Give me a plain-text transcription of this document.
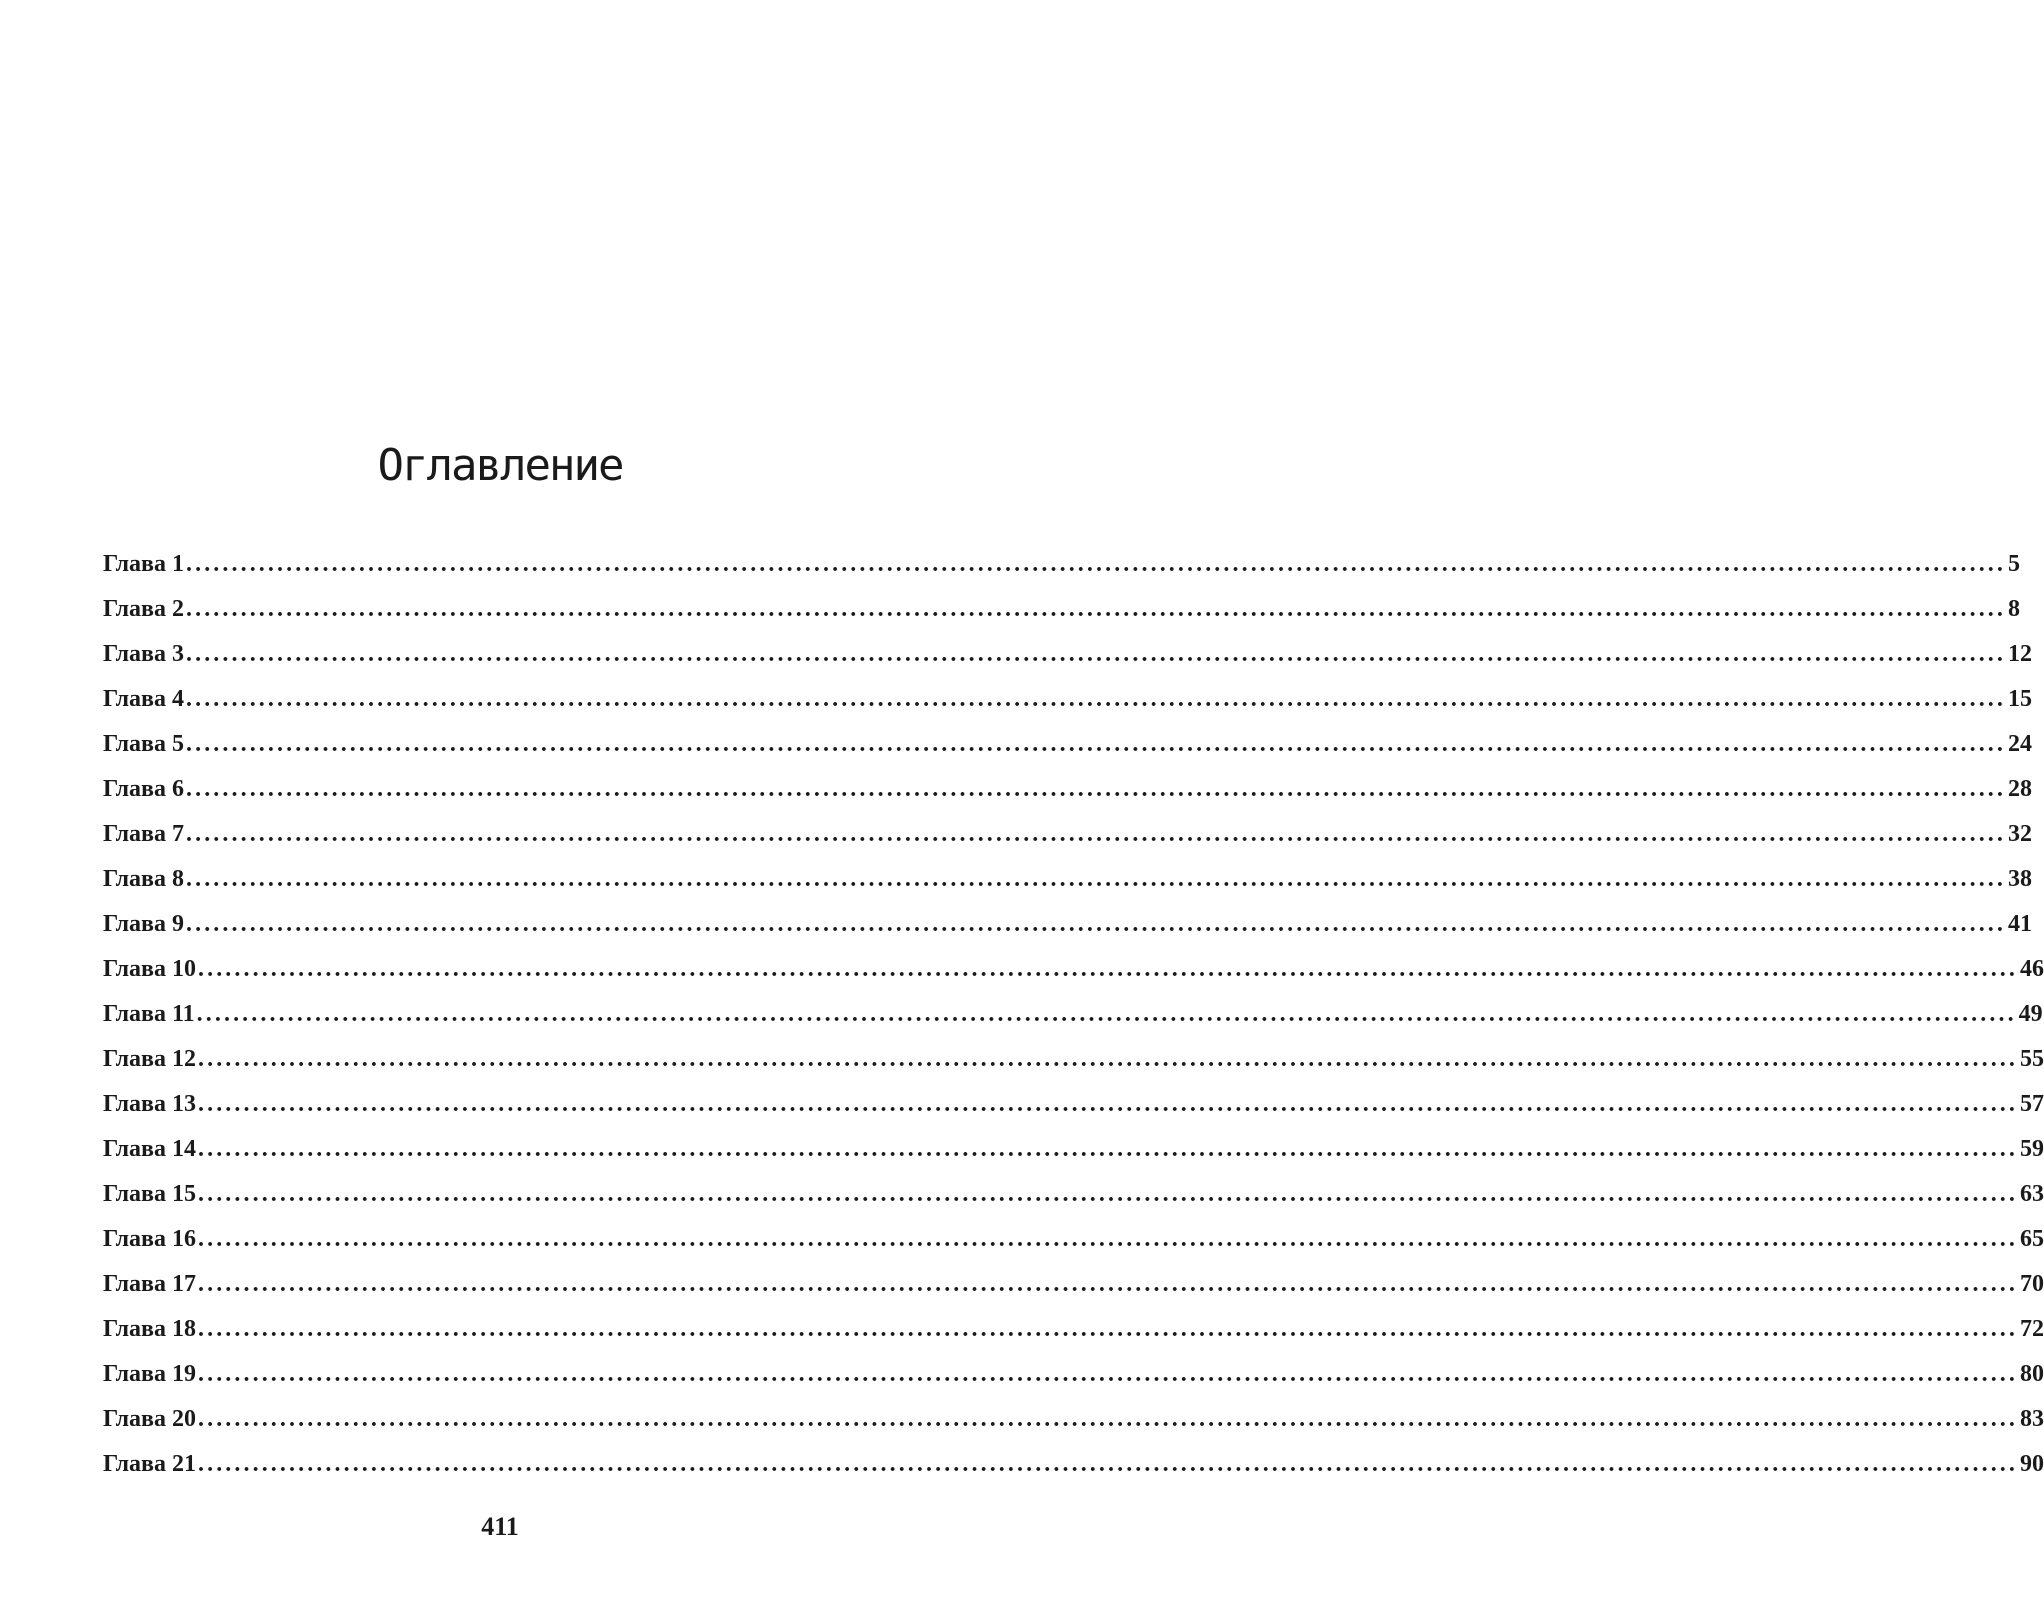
Оглавление
Глава 1 ........................................................................................................................................................................................................ 5
Глава 2 ........................................................................................................................................................................................................ 8
Глава 3 ........................................................................................................................................................................................................ 12
Глава 4 ........................................................................................................................................................................................................ 15
Глава 5 ........................................................................................................................................................................................................ 24
Глава 6 ........................................................................................................................................................................................................ 28
Глава 7 ........................................................................................................................................................................................................ 32
Глава 8 ........................................................................................................................................................................................................ 38
Глава 9 ........................................................................................................................................................................................................ 41
Глава 10 ........................................................................................................................................................................................................ 46
Глава 11 ........................................................................................................................................................................................................ 49
Глава 12 ........................................................................................................................................................................................................ 55
Глава 13 ........................................................................................................................................................................................................ 57
Глава 14 ........................................................................................................................................................................................................ 59
Глава 15 ........................................................................................................................................................................................................ 63
Глава 16 ........................................................................................................................................................................................................ 65
Глава 17 ........................................................................................................................................................................................................ 70
Глава 18 ........................................................................................................................................................................................................ 72
Глава 19 ........................................................................................................................................................................................................ 80
Глава 20 ........................................................................................................................................................................................................ 83
Глава 21 ........................................................................................................................................................................................................ 90
411
